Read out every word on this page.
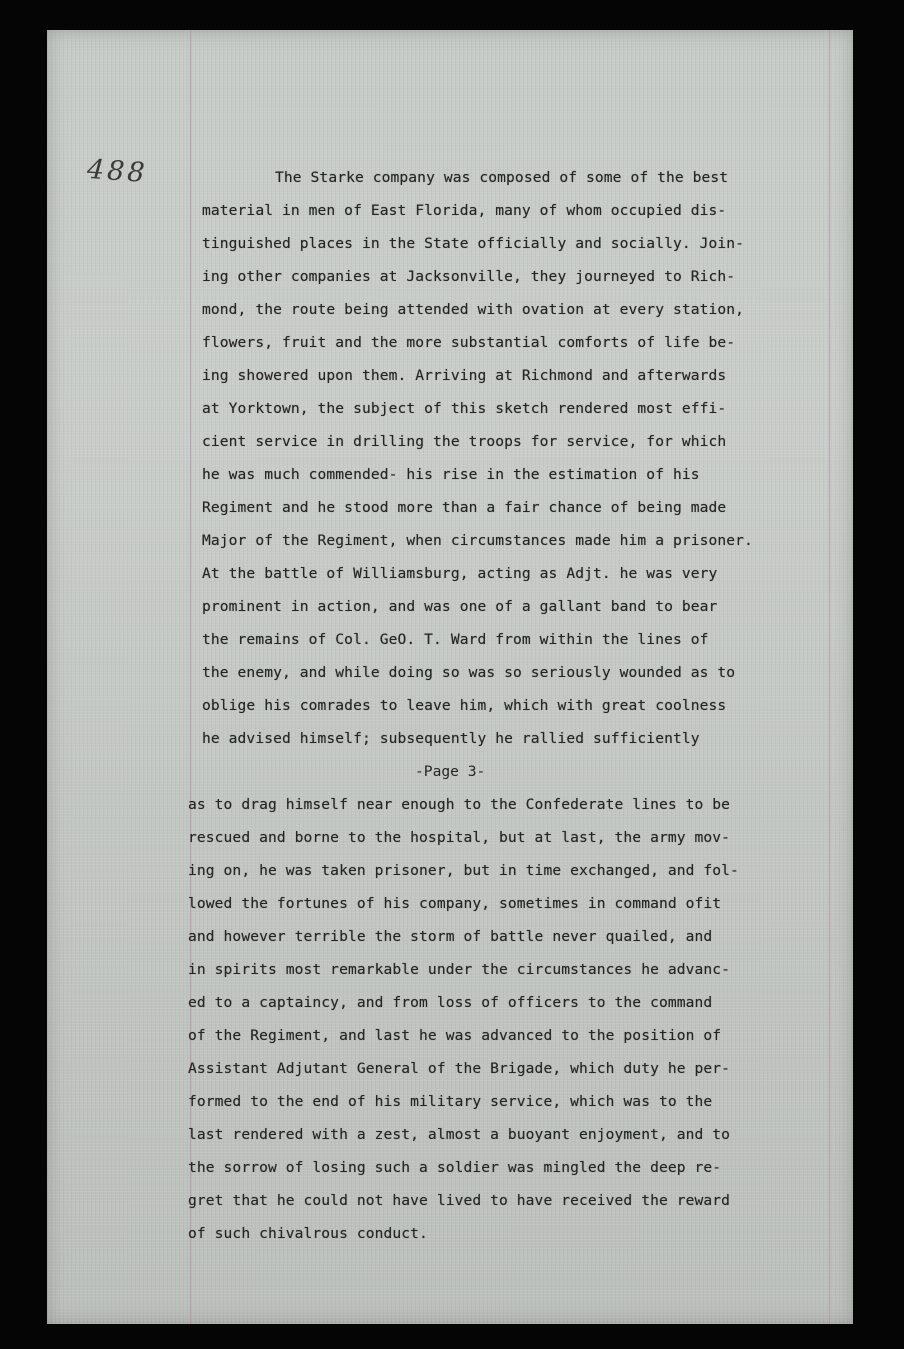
488	The Starke company was composed of some of the best
material in men of East Florida, many of whom occupied dis-
tinguished places in the State officially and socially. Join-
ing other companies at Jacksonville, they journeyed to Rich-
mond, the route being attended with ovation at every station,
flowers, fruit and the more substantial comforts of life be-
ing showered upon them. Arriving at Richmond and afterwards
at Yorktown, the subject of this sketch rendered most effi-
cient service in drilling the troops for service, for which
he was much commended- his rise in the estimation of his
Regiment and he stood more than a fair chance of being made
Major of the Regiment, when circumstances made him a prisoner.
At the battle of Williamsburg, acting as Adjt. he was very
prominent in action, and was one of a gallant band to bear
the remains of Col. GeO. T. Ward from within the lines of
the enemy, and while doing so was so seriously wounded as to
oblige his comrades to leave him, which with great coolness
he advised himself; subsequently he rallied sufficiently
-Page 3-
as to drag himself near enough to the Confederate lines to be
rescued and borne to the hospital, but at last, the army mov-
ing on, he was taken prisoner, but in time exchanged, and fol-
lowed the fortunes of his company, sometimes in command ofit
and however terrible the storm of battle never quailed, and
in spirits most remarkable under the circumstances he advanc-
ed to a captaincy, and from loss of officers to the command
of the Regiment, and last he was advanced to the position of
Assistant Adjutant General of the Brigade, which duty he per-
formed to the end of his military service, which was to the
last rendered with a zest, almost a buoyant enjoyment, and to
the sorrow of losing such a soldier was mingled the deep re-
gret that he could not have lived to have received the reward
of such chivalrous conduct.
